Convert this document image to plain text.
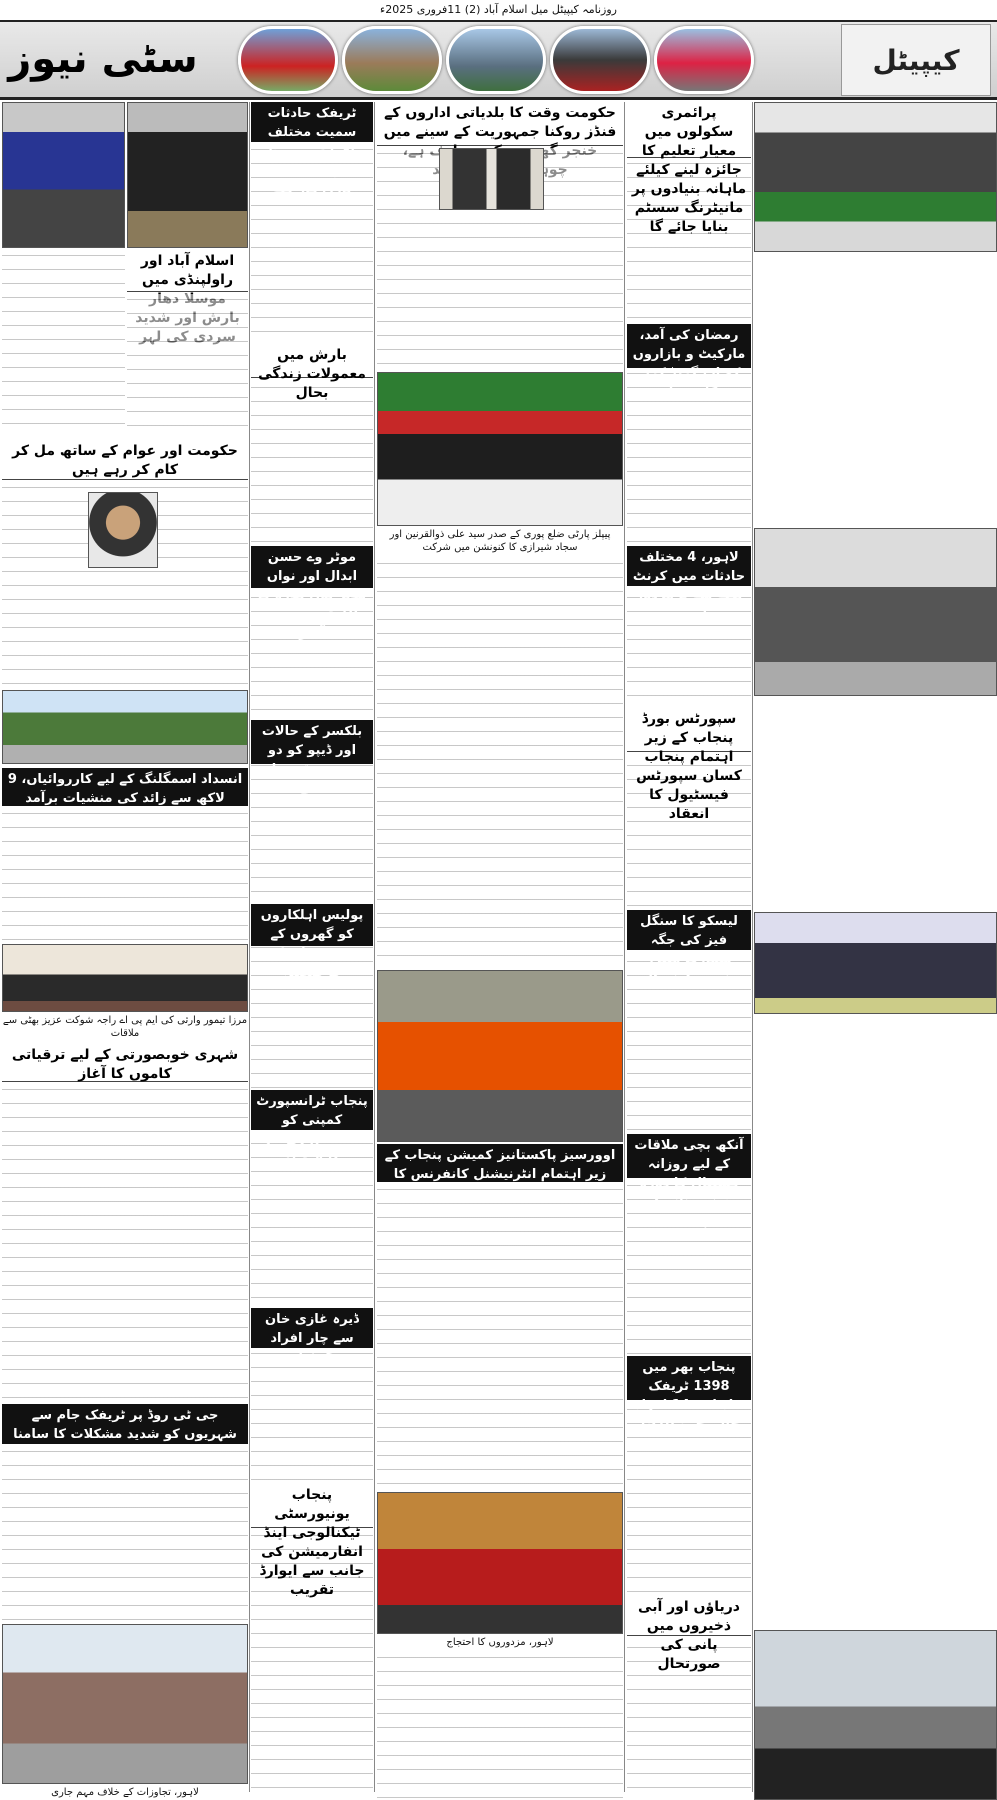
روزنامہ کیپیٹل میل اسلام آباد (2) 11فروری 2025ء
کیپیٹل
سٹی نیوز
پرائمری سکولوں میں معیار تعلیم کا جائزہ لینے کیلئے ماہانہ بنیادوں پر مانیٹرنگ سسٹم بنایا جائے گا
رمضان کی آمد، مارکیٹ و بازاروں کو اپ گریڈ کرنے کا فیصلہ
لاہور، 4 مختلف حادثات میں کرنٹ لگنے سے 2 مزدور جاں بحق
سپورٹس بورڈ پنجاب کے زیر اہتمام پنجاب کسان سپورٹس فیسٹیول کا انعقاد
لیسکو کا سنگل فیز کی جگہ سمارٹ میٹرز نصب کرنے کا فیصلہ
آنکھ بچی ملاقات کے لیے روزانہ ہسپتال کا دورہ یقینی بنانے کی ہدایت
پنجاب بھر میں 1398 ٹریفک حادثات، 14 افراد جاں بحق، 1570 زخمی
دریاؤں اور آبی ذخیروں میں پانی کی صورتحال
حکومت وقت کا بلدیاتی اداروں کے فنڈز روکنا جمہوریت کے سینے میں
پیپلز پارٹی ضلع پوری کے صدر سید علی ذوالقرنین اور سجاد شیرازی کا کنونشن میں شرکت
اوورسیز پاکستانیز کمیشن پنجاب کے زیر اہتمام انٹرنیشنل کانفرنس کا
لاہور، مزدوروں کا احتجاج
ٹریفک حادثات سمیت مختلف واقعات میں چار افراد جان کی بازی ہار گئے
بارش میں معمولات زندگی بحال
موٹر وے حسن ابدال اور نواں شہر ٹول پلازہ کا 10 فروری سے آغاز
بلکسر کے حالات اور ڈیپو کو دو روزہ ترقی مل گئی
پولیس اہلکاروں کو گھروں کے قریب تعینات کرنے کا فیصلہ
پنجاب ٹرانسپورٹ کمپنی کو لائسنس ری نیو کا فیصلہ
ڈیرہ غازی خان سے چار افراد گرفتار
پنجاب یونیورسٹی ٹیکنالوجی اینڈ انفارمیشن کی جانب سے ایوارڈ تقریب
اسلام آباد اور راولپنڈی میں
حکومت اور عوام کے ساتھ مل کر کام کر رہے ہیں
انسداد اسمگلنگ کے لیے کارروائیاں، 9 لاکھ سے زائد کی منشیات برآمد
مرزا تیمور وارثی کی ایم پی اے راجہ شوکت عزیز بھٹی سے ملاقات
شہری خوبصورتی کے لیے ترقیاتی کاموں کا آغاز
جی ٹی روڈ پر ٹریفک جام سے شہریوں کو شدید مشکلات کا سامنا
لاہور، تجاوزات کے خلاف مہم جاری
